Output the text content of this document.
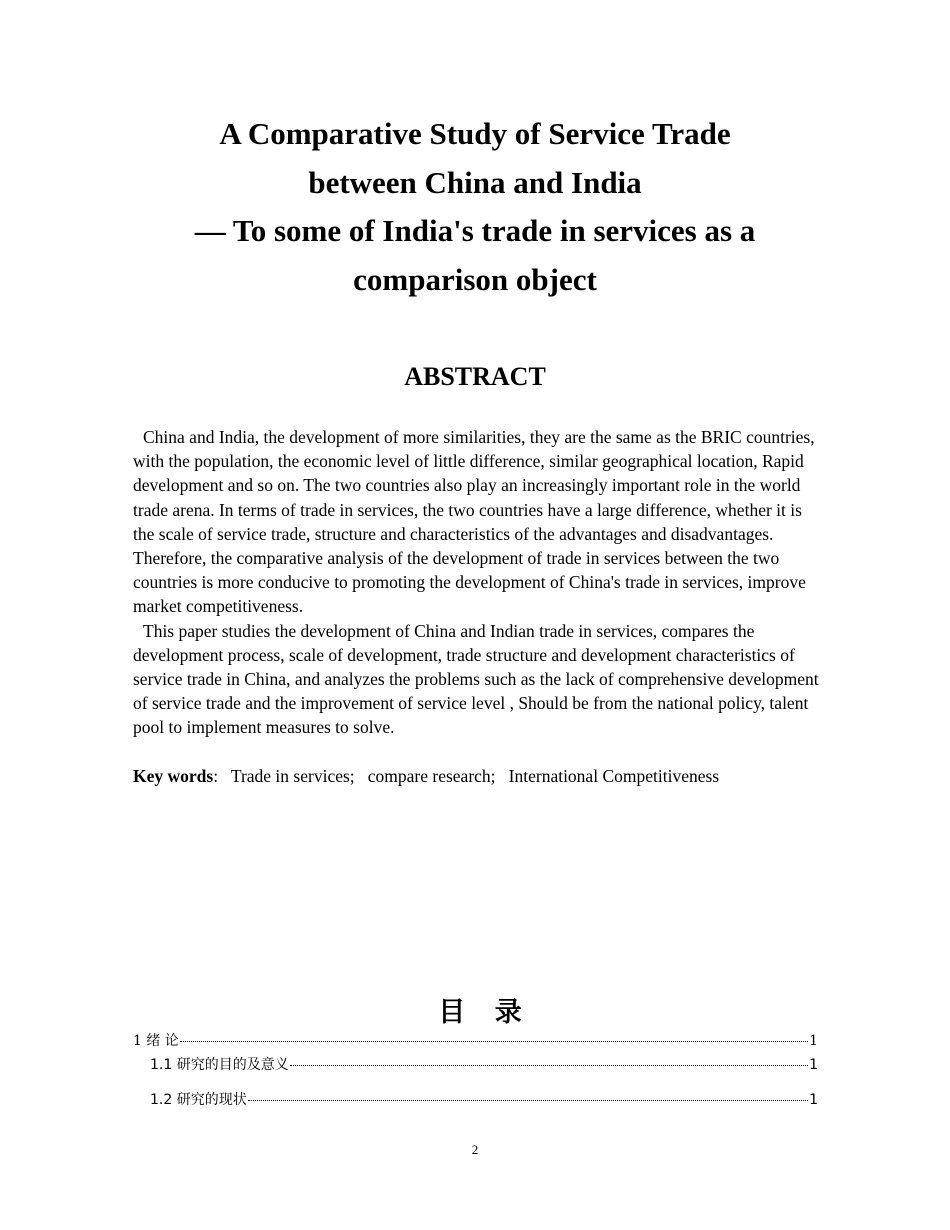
A Comparative Study of Service Trade
between China and India
— To some of India's trade in services as a
comparison object
ABSTRACT

China and India, the development of more similarities, they are the same as the BRIC countries, with the population, the economic level of little difference, similar geographical location, Rapid development and so on. The two countries also play an increasingly important role in the world trade arena. In terms of trade in services, the two countries have a large difference, whether it is the scale of service trade, structure and characteristics of the advantages and disadvantages. Therefore, the comparative analysis of the development of trade in services between the two countries is more conducive to promoting the development of China's trade in services, improve market competitiveness.

This paper studies the development of China and Indian trade in services, compares the development process, scale of development, trade structure and development characteristics of service trade in China, and analyzes the problems such as the lack of comprehensive development of service trade and the improvement of service level , Should be from the national policy, talent pool to implement measures to solve.

Key words:   Trade in services;   compare research;   International Competitiveness
目 录
1 绪 论	1
1.1 研究的目的及意义	1
1.2 研究的现状	1
2
